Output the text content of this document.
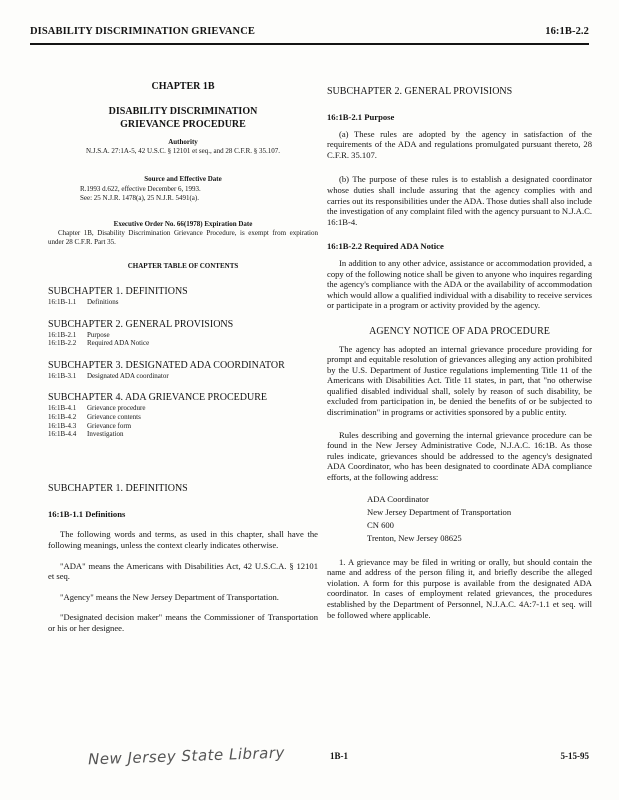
DISABILITY DISCRIMINATION GRIEVANCE	16:1B-2.2
CHAPTER 1B
DISABILITY DISCRIMINATION
GRIEVANCE PROCEDURE
Authority
N.J.S.A. 27:1A-5, 42 U.S.C. § 12101 et seq., and 28 C.F.R. § 35.107.
Source and Effective Date
R.1993 d.622, effective December 6, 1993.
See: 25 N.J.R. 1478(a), 25 N.J.R. 5491(a).
Executive Order No. 66(1978) Expiration Date
Chapter 1B, Disability Discrimination Grievance Procedure, is exempt from expiration under 28 C.F.R. Part 35.
CHAPTER TABLE OF CONTENTS
SUBCHAPTER 1. DEFINITIONS
16:1B-1.1	Definitions
SUBCHAPTER 2. GENERAL PROVISIONS
16:1B-2.1	Purpose
16:1B-2.2	Required ADA Notice
SUBCHAPTER 3. DESIGNATED ADA COORDINATOR
16:1B-3.1	Designated ADA coordinator
SUBCHAPTER 4. ADA GRIEVANCE PROCEDURE
16:1B-4.1	Grievance procedure
16:1B-4.2	Grievance contents
16:1B-4.3	Grievance form
16:1B-4.4	Investigation
SUBCHAPTER 1. DEFINITIONS
16:1B-1.1 Definitions
The following words and terms, as used in this chapter, shall have the following meanings, unless the context clearly indicates otherwise.
"ADA" means the Americans with Disabilities Act, 42 U.S.C.A. § 12101 et seq.
"Agency" means the New Jersey Department of Transportation.
"Designated decision maker" means the Commissioner of Transportation or his or her designee.
SUBCHAPTER 2. GENERAL PROVISIONS
16:1B-2.1 Purpose
(a) These rules are adopted by the agency in satisfaction of the requirements of the ADA and regulations promulgated pursuant thereto, 28 C.F.R. 35.107.
(b) The purpose of these rules is to establish a designated coordinator whose duties shall include assuring that the agency complies with and carries out its responsibilities under the ADA. Those duties shall also include the investigation of any complaint filed with the agency pursuant to N.J.A.C. 16:1B-4.
16:1B-2.2 Required ADA Notice
In addition to any other advice, assistance or accommodation provided, a copy of the following notice shall be given to anyone who inquires regarding the agency's compliance with the ADA or the availability of accommodation which would allow a qualified individual with a disability to receive services or participate in a program or activity provided by the agency.
AGENCY NOTICE OF ADA PROCEDURE
The agency has adopted an internal grievance procedure providing for prompt and equitable resolution of grievances alleging any action prohibited by the U.S. Department of Justice regulations implementing Title 11 of the Americans with Disabilities Act. Title 11 states, in part, that "no otherwise qualified disabled individual shall, solely by reason of such disability, be excluded from participation in, be denied the benefits of or be subjected to discrimination" in programs or activities sponsored by a public entity.
Rules describing and governing the internal grievance procedure can be found in the New Jersey Administrative Code, N.J.A.C. 16:1B. As those rules indicate, grievances should be addressed to the agency's designated ADA Coordinator, who has been designated to coordinate ADA compliance efforts, at the following address:
ADA Coordinator
New Jersey Department of Transportation
CN 600
Trenton, New Jersey 08625
1. A grievance may be filed in writing or orally, but should contain the name and address of the person filing it, and briefly describe the alleged violation. A form for this purpose is available from the designated ADA coordinator. In cases of employment related grievances, the procedures established by the Department of Personnel, N.J.A.C. 4A:7-1.1 et seq. will be followed where applicable.
New Jersey State Library	1B-1	5-15-95
